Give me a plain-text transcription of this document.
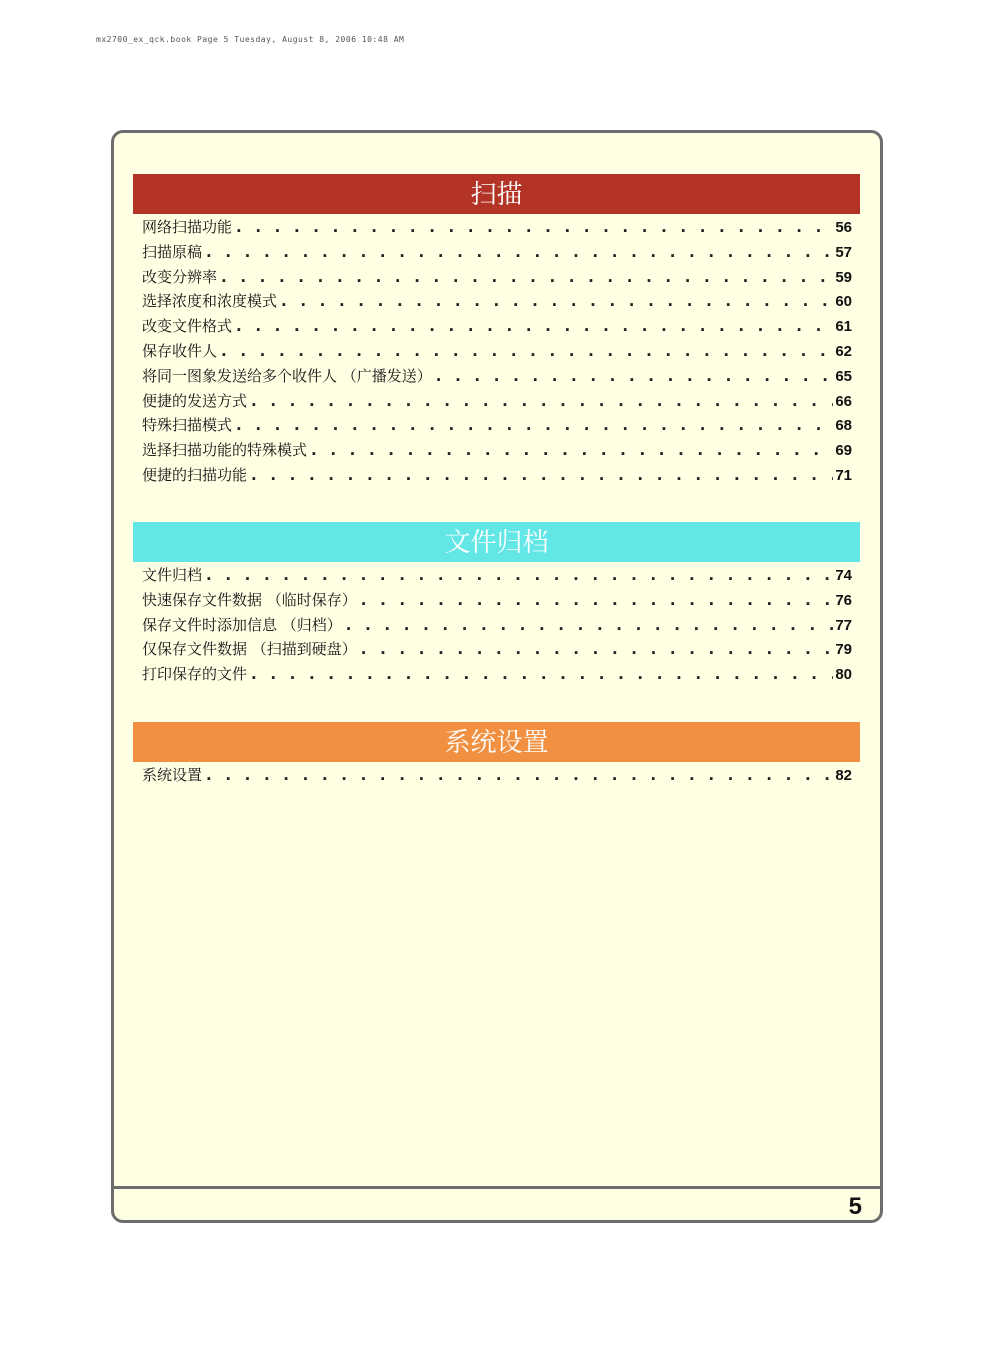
mx2700_ex_qck.book Page 5 Tuesday, August 8, 2006 10:48 AM
扫描
网络扫描功能 . . .	56
扫描原稿 . . .	57
改变分辨率 . . .	59
选择浓度和浓度模式 . . .	60
改变文件格式 . . .	61
保存收件人 . . .	62
将同一图象发送给多个收件人 （广播发送） . . .	65
便捷的发送方式 . . .	66
特殊扫描模式 . . .	68
选择扫描功能的特殊模式 . . .	69
便捷的扫描功能 . . .	71
文件归档
文件归档 . . .	74
快速保存文件数据 （临时保存） . . .	76
保存文件时添加信息 （归档） . . .	77
仅保存文件数据 （扫描到硬盘） . . .	79
打印保存的文件 . . .	80
系统设置
系统设置 . . .	82
5
